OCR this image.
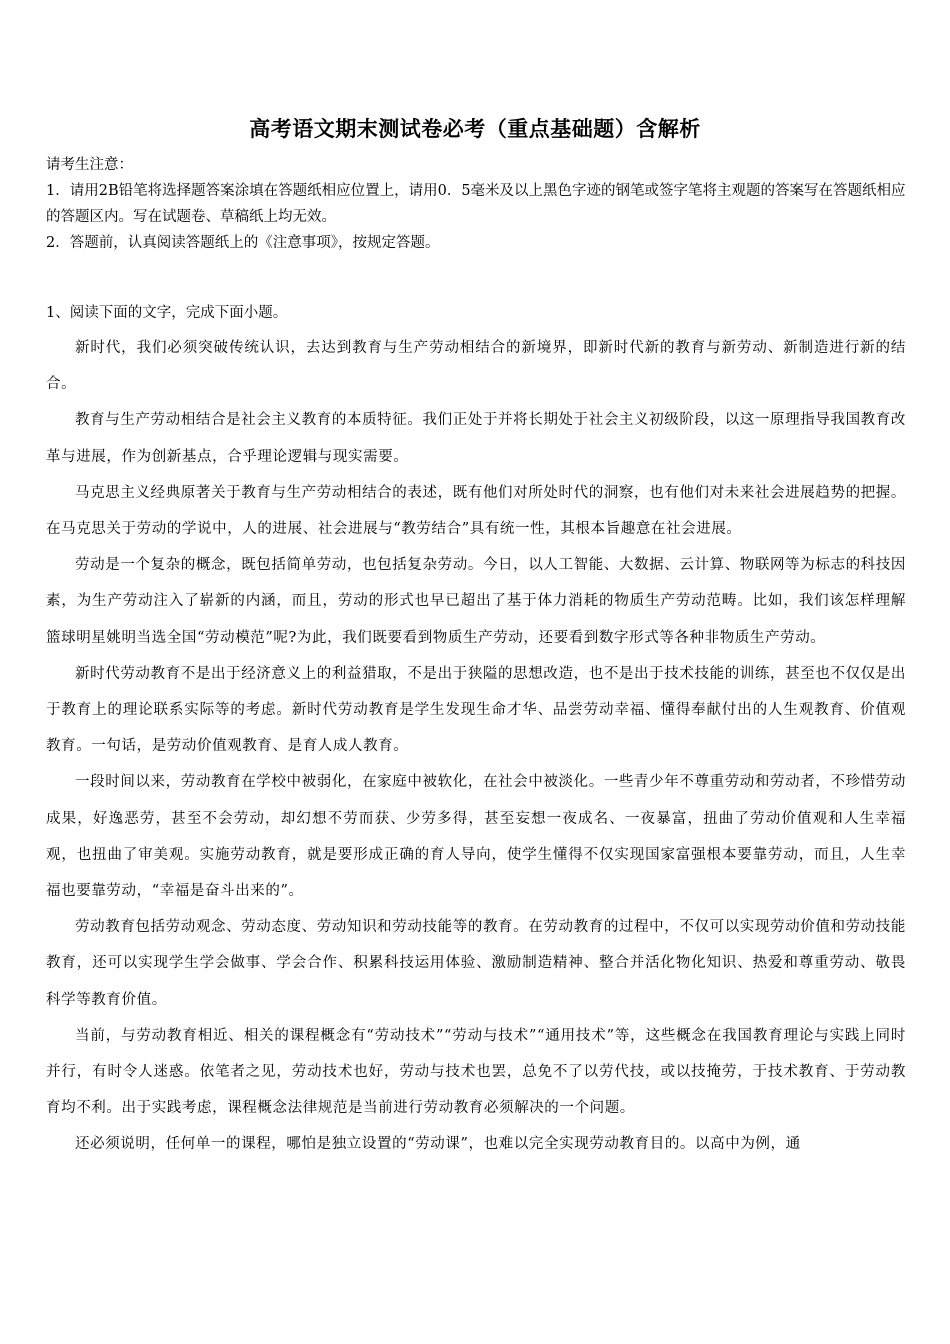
高考语文期末测试卷必考（重点基础题）含解析

请考生注意：

1．请用2B铅笔将选择题答案涂填在答题纸相应位置上，请用0．5毫米及以上黑色字迹的钢笔或签字笔将主观题的答案写在答题纸相应的答题区内。写在试题卷、草稿纸上均无效。

2．答题前，认真阅读答题纸上的《注意事项》，按规定答题。

1、阅读下面的文字，完成下面小题。

新时代，我们必须突破传统认识，去达到教育与生产劳动相结合的新境界，即新时代新的教育与新劳动、新制造进行新的结合。

教育与生产劳动相结合是社会主义教育的本质特征。我们正处于并将长期处于社会主义初级阶段，以这一原理指导我国教育改革与进展，作为创新基点，合乎理论逻辑与现实需要。

马克思主义经典原著关于教育与生产劳动相结合的表述，既有他们对所处时代的洞察，也有他们对未来社会进展趋势的把握。在马克思关于劳动的学说中，人的进展、社会进展与“教劳结合”具有统一性，其根本旨趣意在社会进展。

劳动是一个复杂的概念，既包括简单劳动，也包括复杂劳动。今日，以人工智能、大数据、云计算、物联网等为标志的科技因素，为生产劳动注入了崭新的内涵，而且，劳动的形式也早已超出了基于体力消耗的物质生产劳动范畴。比如，我们该怎样理解篮球明星姚明当选全国“劳动模范”呢?为此，我们既要看到物质生产劳动，还要看到数字形式等各种非物质生产劳动。

新时代劳动教育不是出于经济意义上的利益猎取，不是出于狭隘的思想改造，也不是出于技术技能的训练，甚至也不仅仅是出于教育上的理论联系实际等的考虑。新时代劳动教育是学生发现生命才华、品尝劳动幸福、懂得奉献付出的人生观教育、价值观教育。一句话，是劳动价值观教育、是育人成人教育。

一段时间以来，劳动教育在学校中被弱化，在家庭中被软化，在社会中被淡化。一些青少年不尊重劳动和劳动者，不珍惜劳动成果，好逸恶劳，甚至不会劳动，却幻想不劳而获、少劳多得，甚至妄想一夜成名、一夜暴富，扭曲了劳动价值观和人生幸福观，也扭曲了审美观。实施劳动教育，就是要形成正确的育人导向，使学生懂得不仅实现国家富强根本要靠劳动，而且，人生幸福也要靠劳动，“幸福是奋斗出来的”。

劳动教育包括劳动观念、劳动态度、劳动知识和劳动技能等的教育。在劳动教育的过程中，不仅可以实现劳动价值和劳动技能教育，还可以实现学生学会做事、学会合作、积累科技运用体验、激励制造精神、整合并活化物化知识、热爱和尊重劳动、敬畏科学等教育价值。

当前，与劳动教育相近、相关的课程概念有“劳动技术”“劳动与技术”“通用技术”等，这些概念在我国教育理论与实践上同时并行，有时令人迷惑。依笔者之见，劳动技术也好，劳动与技术也罢，总免不了以劳代技，或以技掩劳，于技术教育、于劳动教育均不利。出于实践考虑，课程概念法律规范是当前进行劳动教育必须解决的一个问题。

还必须说明，任何单一的课程，哪怕是独立设置的“劳动课”，也难以完全实现劳动教育目的。以高中为例，通
